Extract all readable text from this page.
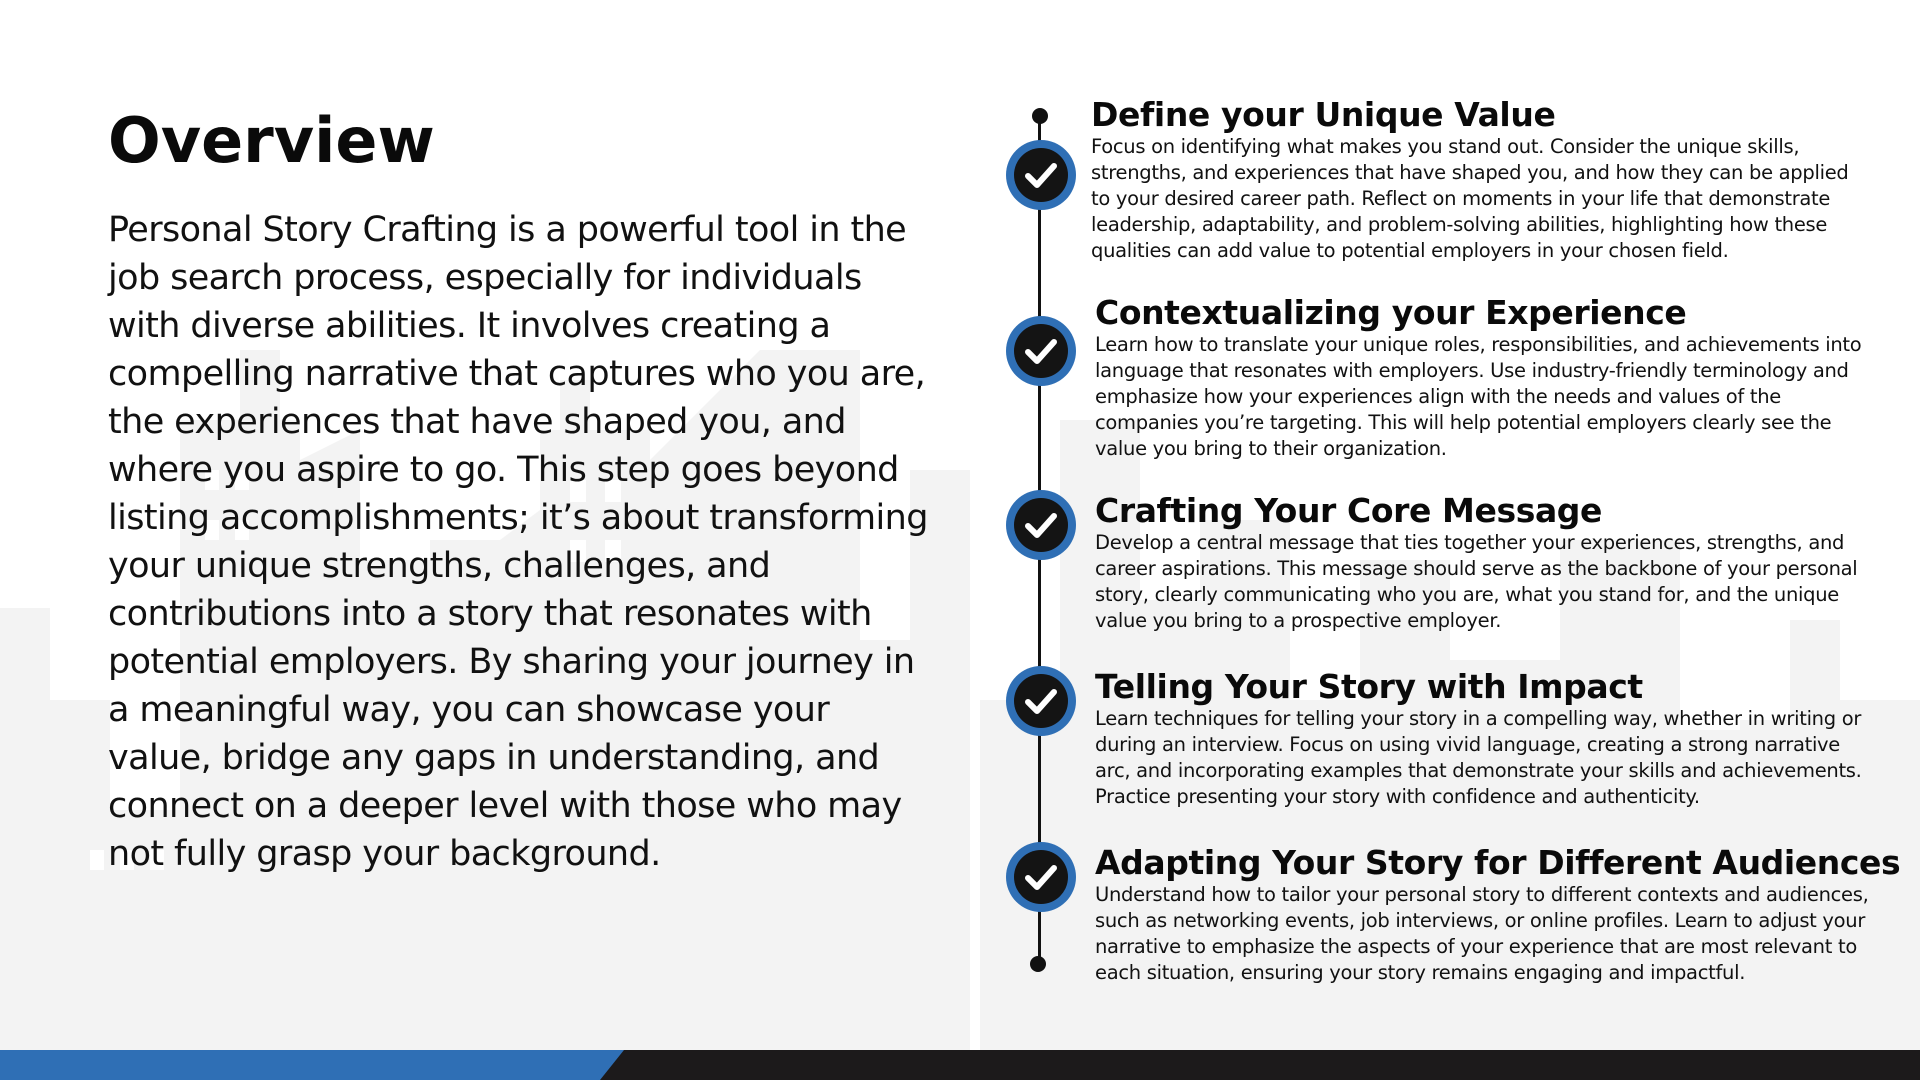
Overview

Personal Story Crafting is a powerful tool in the job search process, especially for individuals with diverse abilities. It involves creating a compelling narrative that captures who you are, the experiences that have shaped you, and where you aspire to go. This step goes beyond listing accomplishments; it’s about transforming your unique strengths, challenges, and contributions into a story that resonates with potential employers. By sharing your journey in a meaningful way, you can showcase your value, bridge any gaps in understanding, and connect on a deeper level with those who may not fully grasp your background.

Define your Unique Value

Focus on identifying what makes you stand out. Consider the unique skills, strengths, and experiences that have shaped you, and how they can be applied to your desired career path. Reflect on moments in your life that demonstrate leadership, adaptability, and problem-solving abilities, highlighting how these qualities can add value to potential employers in your chosen field.

Contextualizing your Experience

Learn how to translate your unique roles, responsibilities, and achievements into language that resonates with employers. Use industry-friendly terminology and emphasize how your experiences align with the needs and values of the companies you’re targeting. This will help potential employers clearly see the value you bring to their organization.

Crafting Your Core Message

Develop a central message that ties together your experiences, strengths, and career aspirations. This message should serve as the backbone of your personal story, clearly communicating who you are, what you stand for, and the unique value you bring to a prospective employer.

Telling Your Story with Impact

Learn techniques for telling your story in a compelling way, whether in writing or during an interview. Focus on using vivid language, creating a strong narrative arc, and incorporating examples that demonstrate your skills and achievements. Practice presenting your story with confidence and authenticity.

Adapting Your Story for Different Audiences

Understand how to tailor your personal story to different contexts and audiences, such as networking events, job interviews, or online profiles. Learn to adjust your narrative to emphasize the aspects of your experience that are most relevant to each situation, ensuring your story remains engaging and impactful.
